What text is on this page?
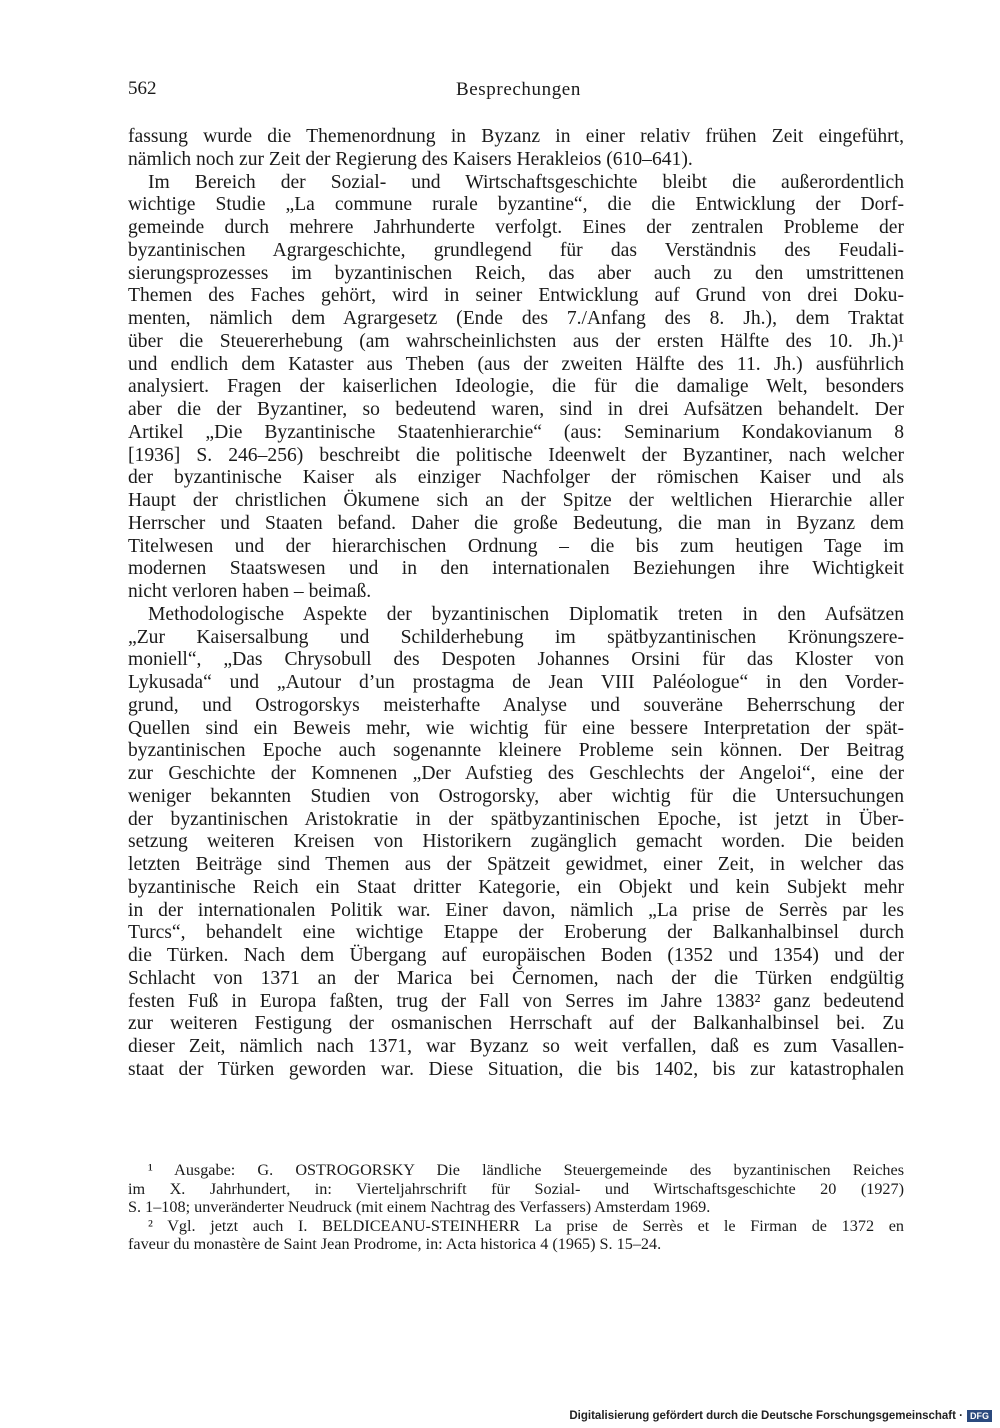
562	Besprechungen
fassung wurde die Themenordnung in Byzanz in einer relativ frühen Zeit eingeführt,
nämlich noch zur Zeit der Regierung des Kaisers Herakleios (610–641).
Im Bereich der Sozial- und Wirtschaftsgeschichte bleibt die außerordentlich
wichtige Studie „La commune rurale byzantine“, die die Entwicklung der Dorf-
gemeinde durch mehrere Jahrhunderte verfolgt. Eines der zentralen Probleme der
byzantinischen Agrargeschichte, grundlegend für das Verständnis des Feudali-
sierungsprozesses im byzantinischen Reich, das aber auch zu den umstrittenen
Themen des Faches gehört, wird in seiner Entwicklung auf Grund von drei Doku-
menten, nämlich dem Agrargesetz (Ende des 7./Anfang des 8. Jh.), dem Traktat
über die Steuererhebung (am wahrscheinlichsten aus der ersten Hälfte des 10. Jh.)¹
und endlich dem Kataster aus Theben (aus der zweiten Hälfte des 11. Jh.) ausführlich
analysiert. Fragen der kaiserlichen Ideologie, die für die damalige Welt, besonders
aber die der Byzantiner, so bedeutend waren, sind in drei Aufsätzen behandelt. Der
Artikel „Die Byzantinische Staatenhierarchie“ (aus: Seminarium Kondakovianum 8
[1936] S. 246–256) beschreibt die politische Ideenwelt der Byzantiner, nach welcher
der byzantinische Kaiser als einziger Nachfolger der römischen Kaiser und als
Haupt der christlichen Ökumene sich an der Spitze der weltlichen Hierarchie aller
Herrscher und Staaten befand. Daher die große Bedeutung, die man in Byzanz dem
Titelwesen und der hierarchischen Ordnung – die bis zum heutigen Tage im
modernen Staatswesen und in den internationalen Beziehungen ihre Wichtigkeit
nicht verloren haben – beimaß.
Methodologische Aspekte der byzantinischen Diplomatik treten in den Aufsätzen
„Zur Kaisersalbung und Schilderhebung im spätbyzantinischen Krönungszere-
moniell“, „Das Chrysobull des Despoten Johannes Orsini für das Kloster von
Lykusada“ und „Autour d’un prostagma de Jean VIII Paléologue“ in den Vorder-
grund, und Ostrogorskys meisterhafte Analyse und souveräne Beherrschung der
Quellen sind ein Beweis mehr, wie wichtig für eine bessere Interpretation der spät-
byzantinischen Epoche auch sogenannte kleinere Probleme sein können. Der Beitrag
zur Geschichte der Komnenen „Der Aufstieg des Geschlechts der Angeloi“, eine der
weniger bekannten Studien von Ostrogorsky, aber wichtig für die Untersuchungen
der byzantinischen Aristokratie in der spätbyzantinischen Epoche, ist jetzt in Über-
setzung weiteren Kreisen von Historikern zugänglich gemacht worden. Die beiden
letzten Beiträge sind Themen aus der Spätzeit gewidmet, einer Zeit, in welcher das
byzantinische Reich ein Staat dritter Kategorie, ein Objekt und kein Subjekt mehr
in der internationalen Politik war. Einer davon, nämlich „La prise de Serrès par les
Turcs“, behandelt eine wichtige Etappe der Eroberung der Balkanhalbinsel durch
die Türken. Nach dem Übergang auf europäischen Boden (1352 und 1354) und der
Schlacht von 1371 an der Marica bei Černomen, nach der die Türken endgültig
festen Fuß in Europa faßten, trug der Fall von Serres im Jahre 1383² ganz bedeutend
zur weiteren Festigung der osmanischen Herrschaft auf der Balkanhalbinsel bei. Zu
dieser Zeit, nämlich nach 1371, war Byzanz so weit verfallen, daß es zum Vasallen-
staat der Türken geworden war. Diese Situation, die bis 1402, bis zur katastrophalen
¹ Ausgabe: G. OSTROGORSKY Die ländliche Steuergemeinde des byzantinischen Reiches
im X. Jahrhundert, in: Vierteljahrschrift für Sozial- und Wirtschaftsgeschichte 20 (1927)
S. 1–108; unveränderter Neudruck (mit einem Nachtrag des Verfassers) Amsterdam 1969.
² Vgl. jetzt auch I. BELDICEANU-STEINHERR La prise de Serrès et le Firman de 1372 en
faveur du monastère de Saint Jean Prodrome, in: Acta historica 4 (1965) S. 15–24.
Digitalisierung gefördert durch die Deutsche Forschungsgemeinschaft · DFG
